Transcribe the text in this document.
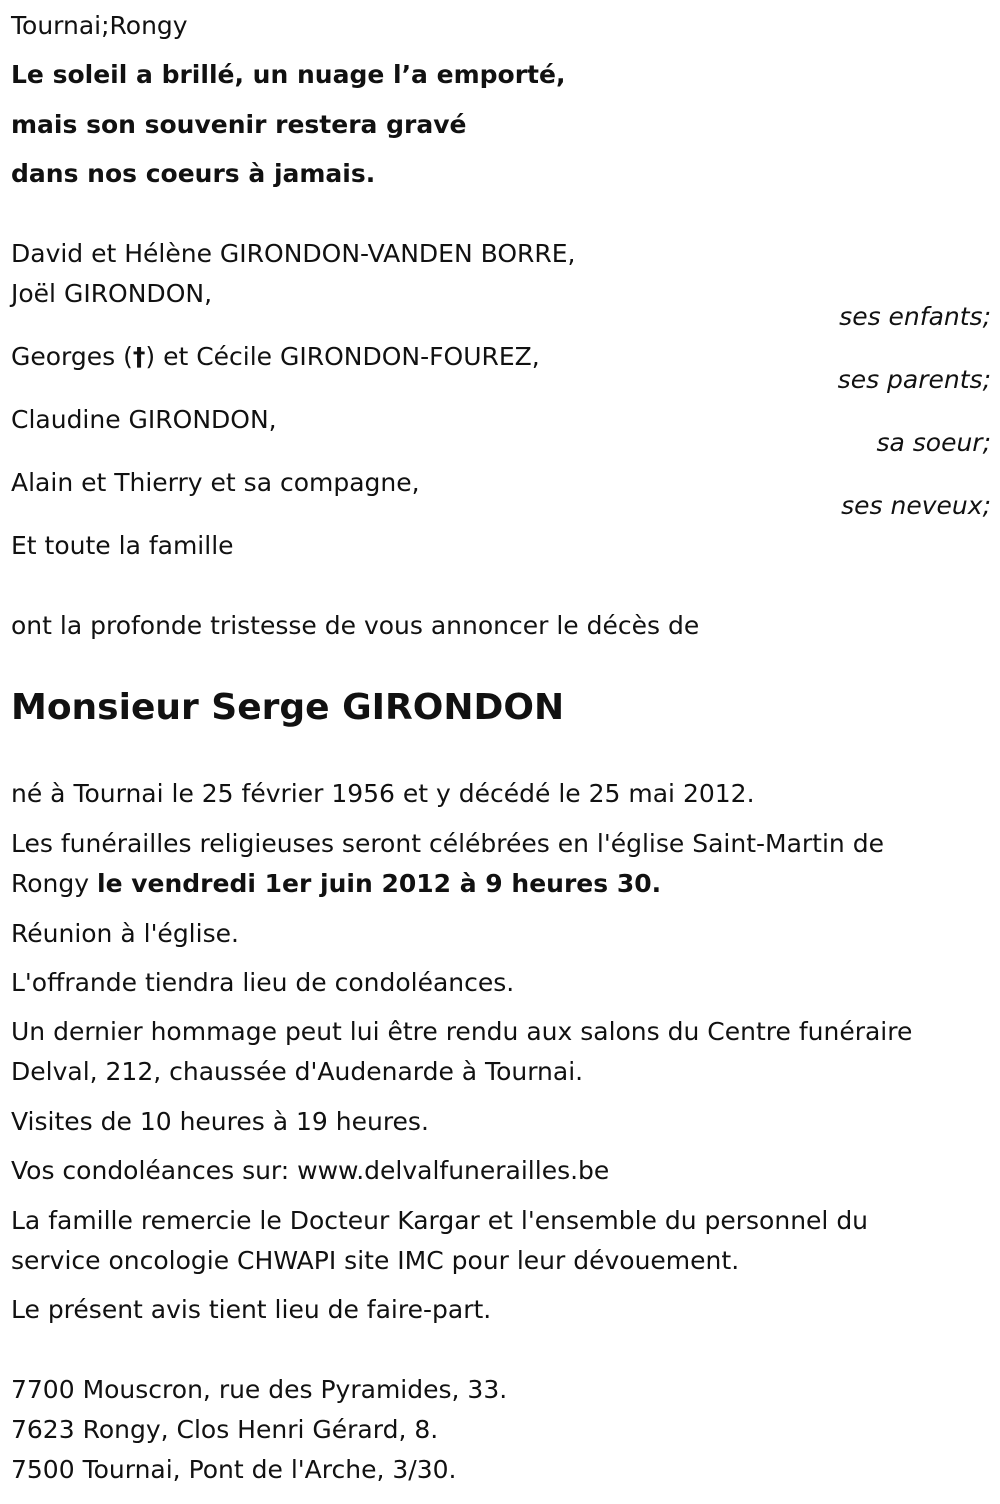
Tournai;Rongy
Le soleil a brillé, un nuage l’a emporté,
mais son souvenir restera gravé
dans nos coeurs à jamais.
David et Hélène GIRONDON-VANDEN BORRE,
Joël GIRONDON,
ses enfants;
Georges (†) et Cécile GIRONDON-FOUREZ,
ses parents;
Claudine GIRONDON,
sa soeur;
Alain et Thierry et sa compagne,
ses neveux;
Et toute la famille
ont la profonde tristesse de vous annoncer le décès de
Monsieur Serge GIRONDON
né à Tournai le 25 février 1956 et y décédé le 25 mai 2012.
Les funérailles religieuses seront célébrées en l'église Saint-Martin de
Rongy le vendredi 1er juin 2012 à 9 heures 30.
Réunion à l'église.
L'offrande tiendra lieu de condoléances.
Un dernier hommage peut lui être rendu aux salons du Centre funéraire
Delval, 212, chaussée d'Audenarde à Tournai.
Visites de 10 heures à 19 heures.
Vos condoléances sur: www.delvalfunerailles.be
La famille remercie le Docteur Kargar et l'ensemble du personnel du
service oncologie CHWAPI site IMC pour leur dévouement.
Le présent avis tient lieu de faire-part.
7700 Mouscron, rue des Pyramides, 33.
7623 Rongy, Clos Henri Gérard, 8.
7500 Tournai, Pont de l'Arche, 3/30.
